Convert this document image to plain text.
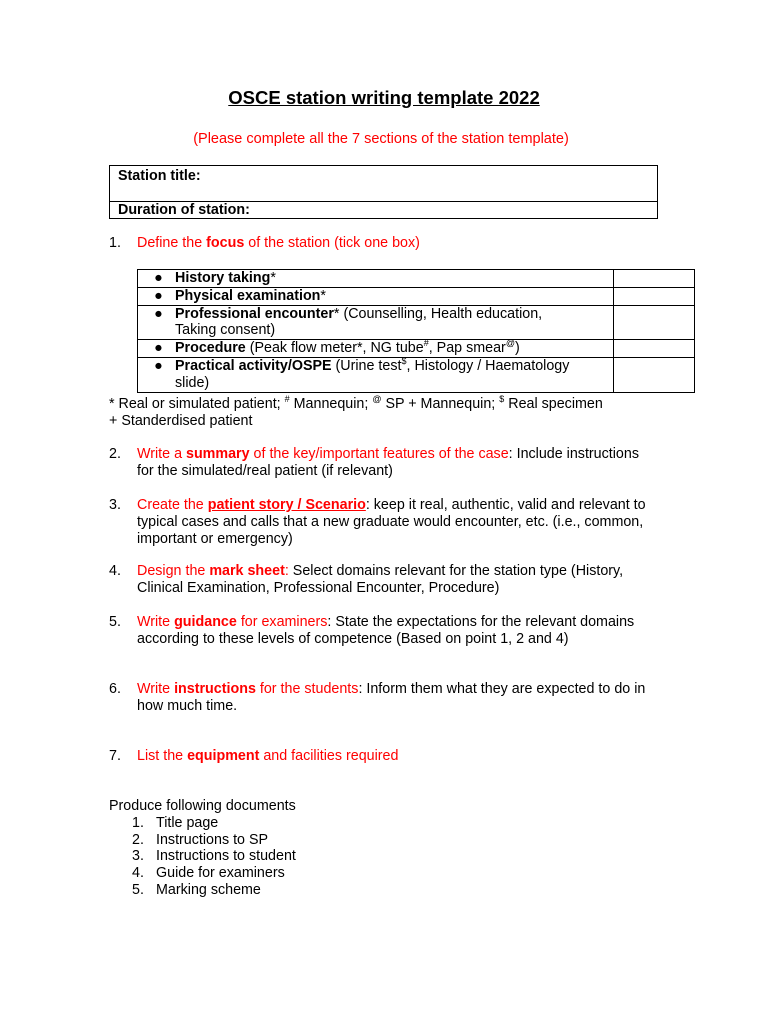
OSCE station writing template 2022
(Please complete all the 7 sections of the station template)
Station title:
Duration of station:
1. Define the focus of the station (tick one box)
● History taking*	
● Physical examination*	
● Professional encounter* (Counselling, Health education,
Taking consent)	
● Procedure (Peak flow meter*, NG tube#, Pap smear@)	
● Practical activity/OSPE (Urine test$, Histology / Haematology
slide)	
* Real or simulated patient; # Mannequin; @ SP + Mannequin; $ Real specimen
+ Standerdised patient
2. Write a summary of the key/important features of the case: Include instructions for the simulated/real patient (if relevant)
3. Create the patient story / Scenario: keep it real, authentic, valid and relevant to typical cases and calls that a new graduate would encounter, etc. (i.e., common, important or emergency)
4. Design the mark sheet: Select domains relevant for the station type (History, Clinical Examination, Professional Encounter, Procedure)
5. Write guidance for examiners: State the expectations for the relevant domains according to these levels of competence (Based on point 1, 2 and 4)
6. Write instructions for the students: Inform them what they are expected to do in how much time.
7. List the equipment and facilities required
Produce following documents
1. Title page
2. Instructions to SP
3. Instructions to student
4. Guide for examiners
5. Marking scheme
